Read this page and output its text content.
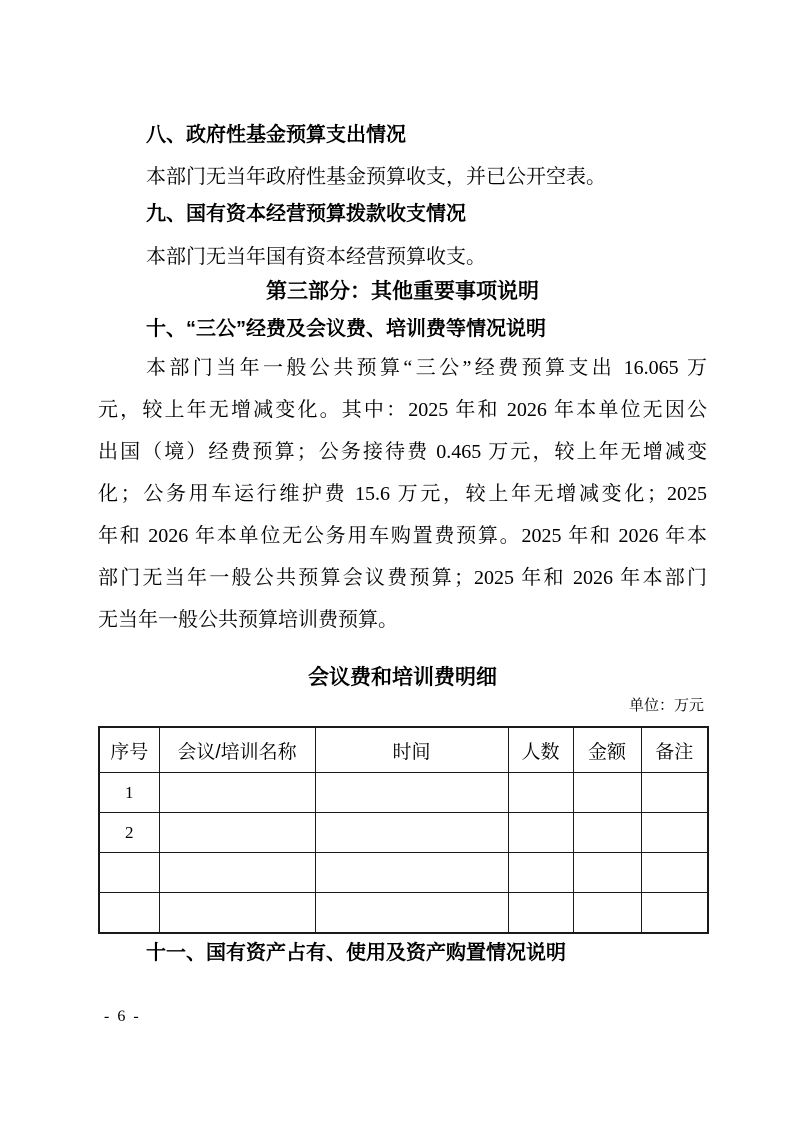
八、政府性基金预算支出情况
本部门无当年政府性基金预算收支，并已公开空表。
九、国有资本经营预算拨款收支情况
本部门无当年国有资本经营预算收支。
第三部分：其他重要事项说明
十、“三公”经费及会议费、培训费等情况说明
本部门当年一般公共预算“三公”经费预算支出 16.065 万
元，较上年无增减变化。其中：2025 年和 2026 年本单位无因公
出国（境）经费预算；公务接待费 0.465 万元，较上年无增减变
化；公务用车运行维护费 15.6 万元，较上年无增减变化；2025
年和 2026 年本单位无公务用车购置费预算。2025 年和 2026 年本
部门无当年一般公共预算会议费预算；2025 年和 2026 年本部门
无当年一般公共预算培训费预算。
会议费和培训费明细
单位：万元
序号	会议/培训名称	时间	人数	金额	备注
1					
2					

十一、国有资产占有、使用及资产购置情况说明
- 6 -
